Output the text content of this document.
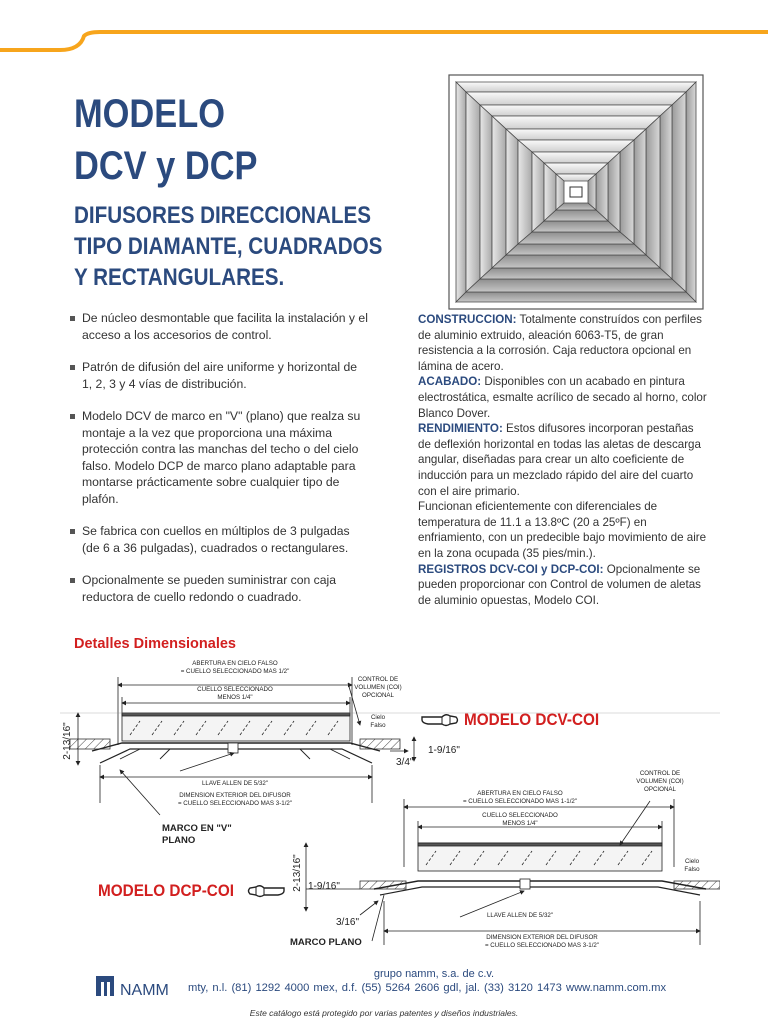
MODELO
DCV y DCP
DIFUSORES DIRECCIONALES
TIPO DIAMANTE, CUADRADOS
Y RECTANGULARES.
De núcleo desmontable que facilita la instalación y el acceso a los accesorios de control.
Patrón de difusión del aire uniforme y horizontal de 1, 2, 3 y 4 vías de distribución.
Modelo DCV de marco en "V" (plano) que realza su montaje a la vez que proporciona una máxima protección contra las manchas del techo o del cielo falso. Modelo DCP de marco plano adaptable para montarse prácticamente sobre cualquier tipo de plafón.
Se fabrica con cuellos en múltiplos de 3 pulgadas (de 6 a 36 pulgadas), cuadrados o rectangulares.
Opcionalmente se pueden suministrar con caja reductora de cuello redondo o cuadrado.

CONSTRUCCION: Totalmente construídos con perfiles de aluminio extruido, aleación 6063-T5, de gran resistencia a la corrosión. Caja reductora opcional en lámina de acero.

ACABADO: Disponibles con un acabado en pintura electrostática, esmalte acrílico de secado al horno, color Blanco Dover.

RENDIMIENTO: Estos difusores incorporan pestañas de deflexión horizontal en todas las aletas de descarga angular, diseñadas para crear un alto coeficiente de inducción para un mezclado rápido del aire del cuarto con el aire primario.

Funcionan eficientemente con diferenciales de temperatura de 11.1 a 13.8ºC (20 a 25ºF) en enfriamiento, con un predecible bajo movimiento de aire en la zona ocupada (35 pies/min.).

REGISTROS DCV-COI y DCP-COI: Opcionalmente se pueden proporcionar con Control de volumen de aletas de aluminio opuestas, Modelo COI.

Detalles Dimensionales
ABERTURA EN CIELO FALSO
= CUELLO SELECCIONADO MAS 1/2"
CUELLO SELECCIONADO
MENOS 1/4"
CONTROL DE
VOLUMEN (COI)
OPCIONAL
Cielo
Falso
LLAVE ALLEN DE 5/32"
DIMENSION EXTERIOR DEL DIFUSOR
= CUELLO SELECCIONADO MAS 3-1/2"
2-13/16"	1-9/16"
3/4"
MARCO EN "V"
PLANO
ABERTURA EN CIELO FALSO
= CUELLO SELECCIONADO MAS 1-1/2"
CUELLO SELECCIONADO
MENOS 1/4"
CONTROL DE
VOLUMEN (COI)
OPCIONAL
Cielo
Falso
LLAVE ALLEN DE 5/32"
DIMENSION EXTERIOR DEL DIFUSOR
= CUELLO SELECCIONADO MAS 3-1/2"
2-13/16" 1-9/16"
3/16"
MARCO PLANO
MODELO DCV-COI
MODELO DCP-COI
NAMM
grupo namm, s.a. de c.v.
mty, n.l. (81) 1292 4000 mex, d.f. (55) 5264 2606 gdl, jal. (33) 3120 1473 www.namm.com.mx
Este catálogo está protegido por varias patentes y diseños industriales.
